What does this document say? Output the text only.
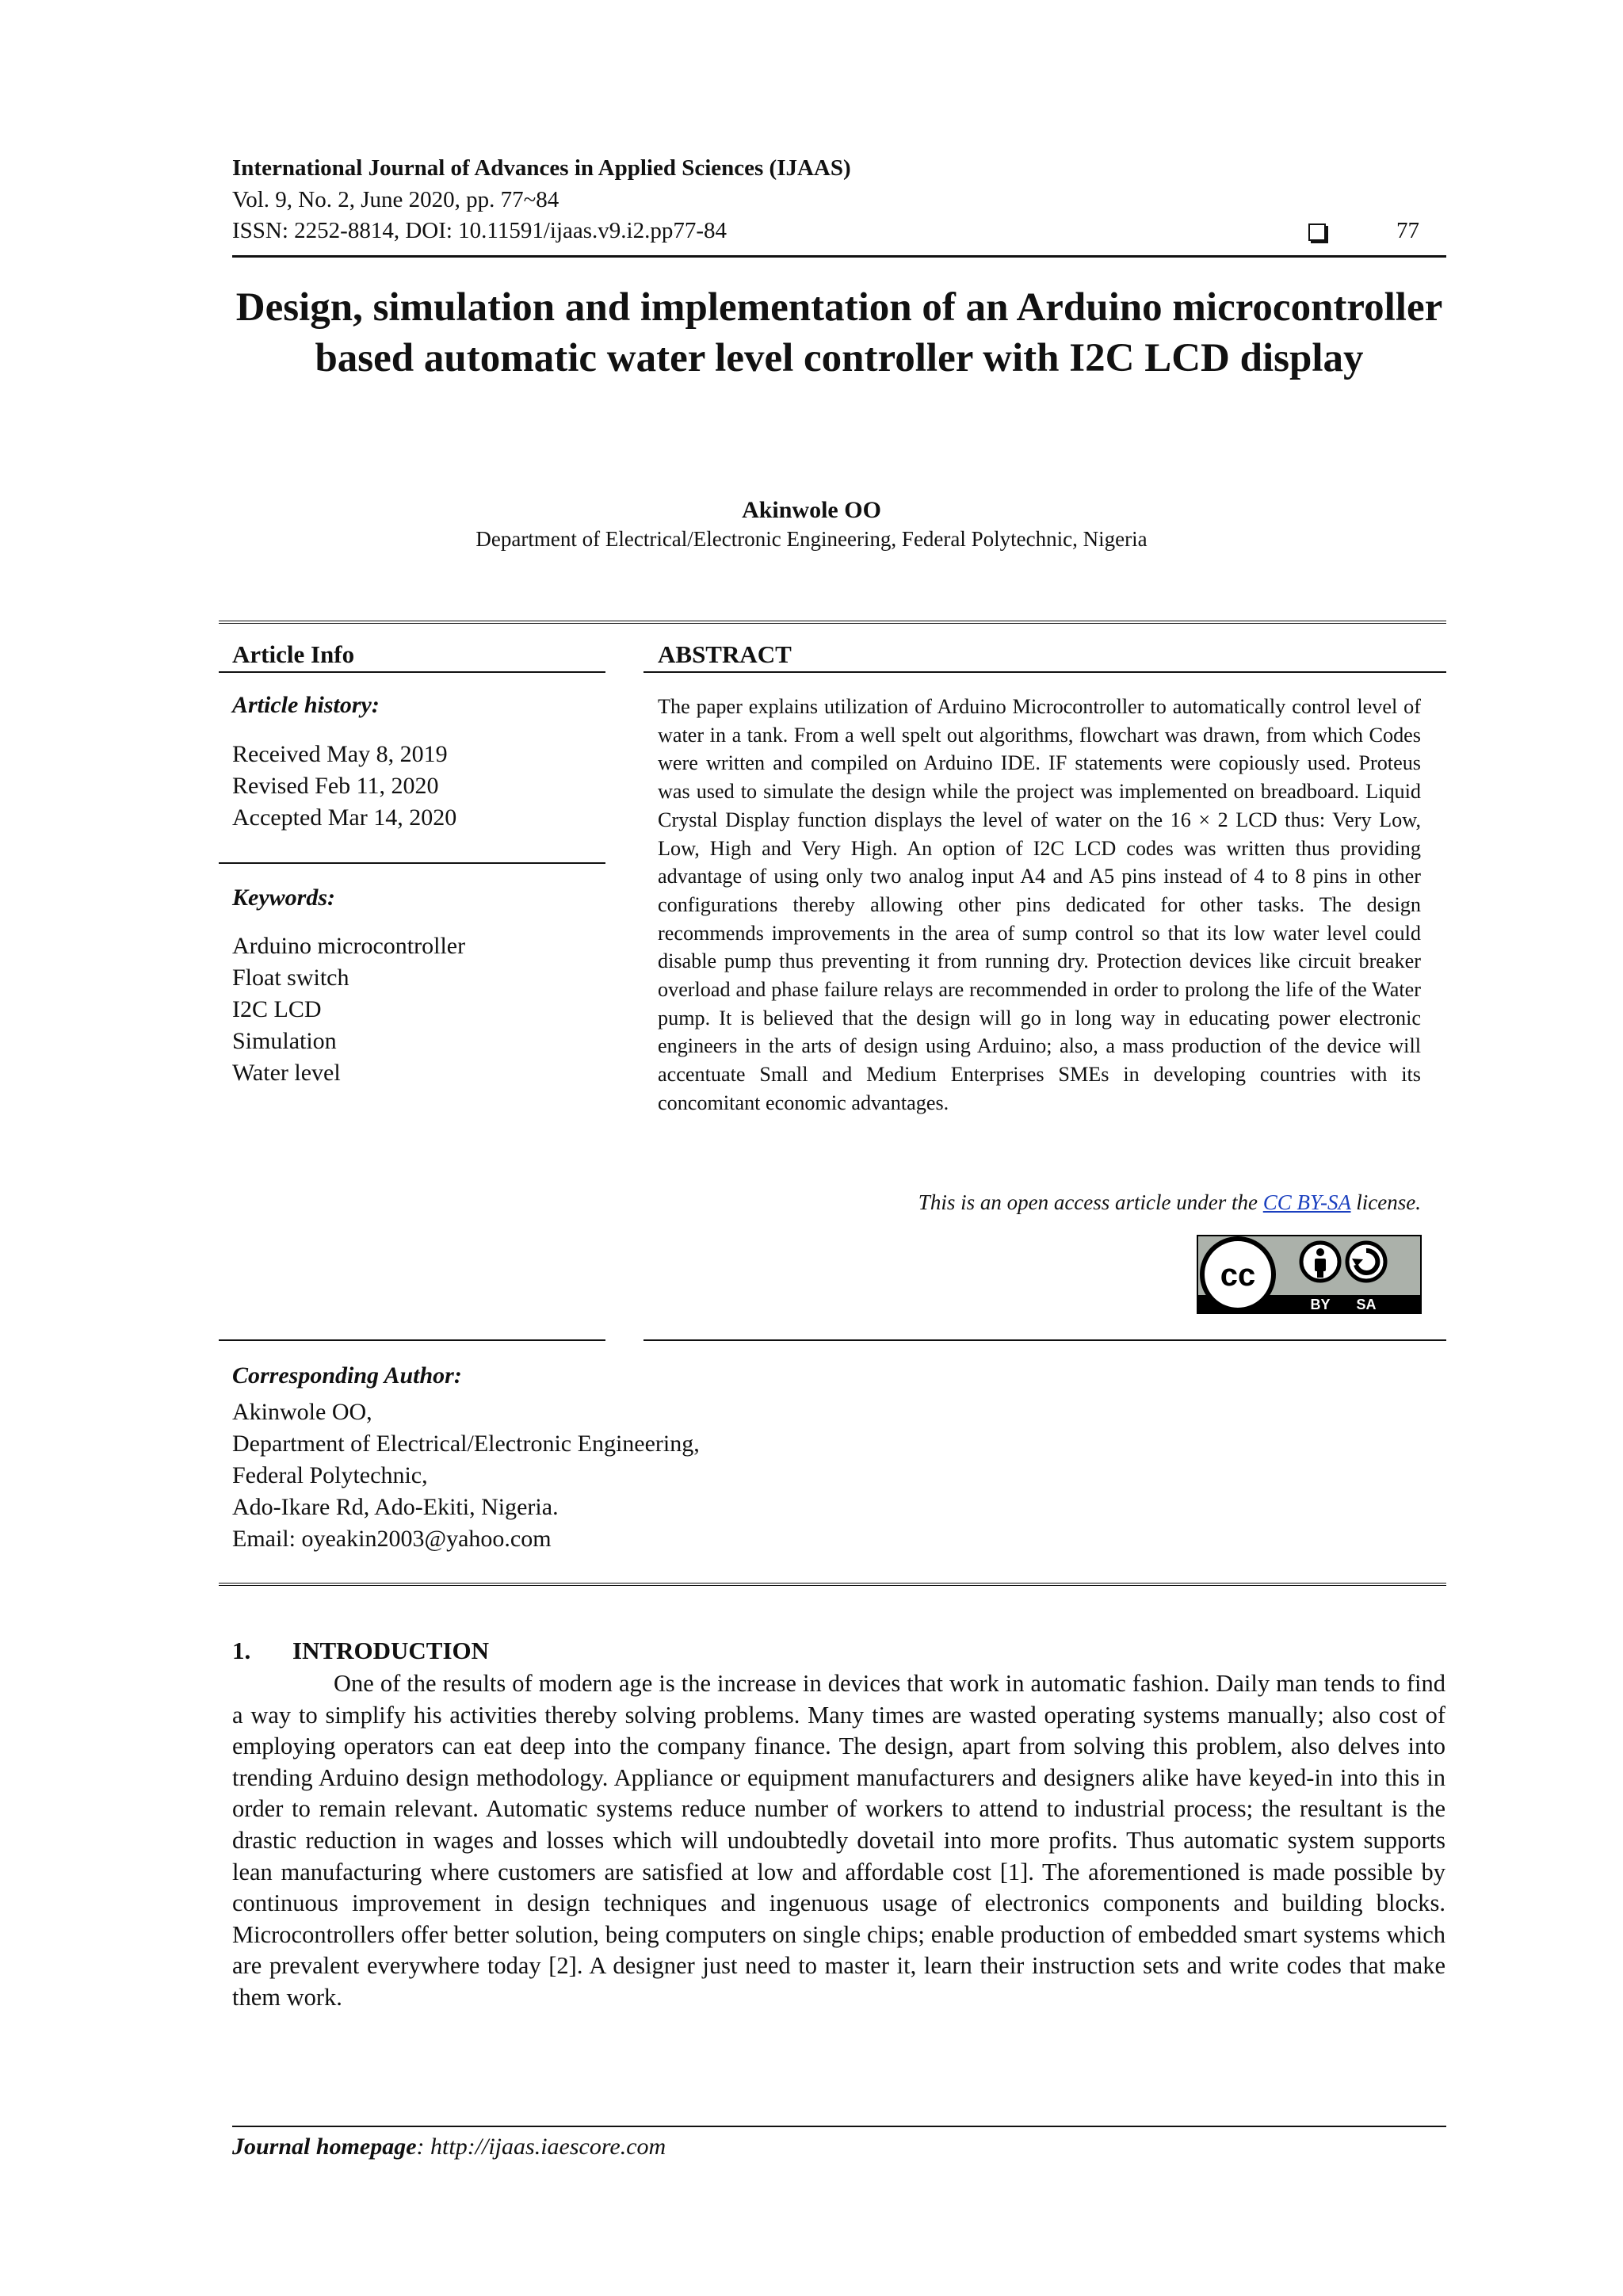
International Journal of Advances in Applied Sciences (IJAAS)
Vol. 9, No. 2, June 2020, pp. 77~84
ISSN: 2252-8814, DOI: 10.11591/ijaas.v9.i2.pp77-84	77
Design, simulation and implementation of an Arduino microcontroller based automatic water level controller with I2C LCD display
Akinwole OO
Department of Electrical/Electronic Engineering, Federal Polytechnic, Nigeria
Article Info	ABSTRACT
Article history:
Received May 8, 2019
Revised Feb 11, 2020
Accepted Mar 14, 2020
Keywords:
Arduino microcontroller
Float switch
I2C LCD
Simulation
Water level
The paper explains utilization of Arduino Microcontroller to automatically control level of water in a tank. From a well spelt out algorithms, flowchart was drawn, from which Codes were written and compiled on Arduino IDE. IF statements were copiously used. Proteus was used to simulate the design while the project was implemented on breadboard. Liquid Crystal Display function displays the level of water on the 16 × 2 LCD thus: Very Low, Low, High and Very High. An option of I2C LCD codes was written thus providing advantage of using only two analog input A4 and A5 pins instead of 4 to 8 pins in other configurations thereby allowing other pins dedicated for other tasks. The design recommends improvements in the area of sump control so that its low water level could disable pump thus preventing it from running dry. Protection devices like circuit breaker overload and phase failure relays are recommended in order to prolong the life of the Water pump. It is believed that the design will go in long way in educating power electronic engineers in the arts of design using Arduino; also, a mass production of the device will accentuate Small and Medium Enterprises SMEs in developing countries with its concomitant economic advantages.
This is an open access article under the CC BY-SA license.
cc
BY SA
Corresponding Author:
Akinwole OO,
Department of Electrical/Electronic Engineering,
Federal Polytechnic,
Ado-Ikare Rd, Ado-Ekiti, Nigeria.
Email: oyeakin2003@yahoo.com
1. INTRODUCTION
One of the results of modern age is the increase in devices that work in automatic fashion. Daily man tends to find a way to simplify his activities thereby solving problems. Many times are wasted operating systems manually; also cost of employing operators can eat deep into the company finance. The design, apart from solving this problem, also delves into trending Arduino design methodology. Appliance or equipment manufacturers and designers alike have keyed-in into this in order to remain relevant. Automatic systems reduce number of workers to attend to industrial process; the resultant is the drastic reduction in wages and losses which will undoubtedly dovetail into more profits. Thus automatic system supports lean manufacturing where customers are satisfied at low and affordable cost [1]. The aforementioned is made possible by continuous improvement in design techniques and ingenuous usage of electronics components and building blocks. Microcontrollers offer better solution, being computers on single chips; enable production of embedded smart systems which are prevalent everywhere today [2]. A designer just need to master it, learn their instruction sets and write codes that make them work.
Journal homepage: http://ijaas.iaescore.com
